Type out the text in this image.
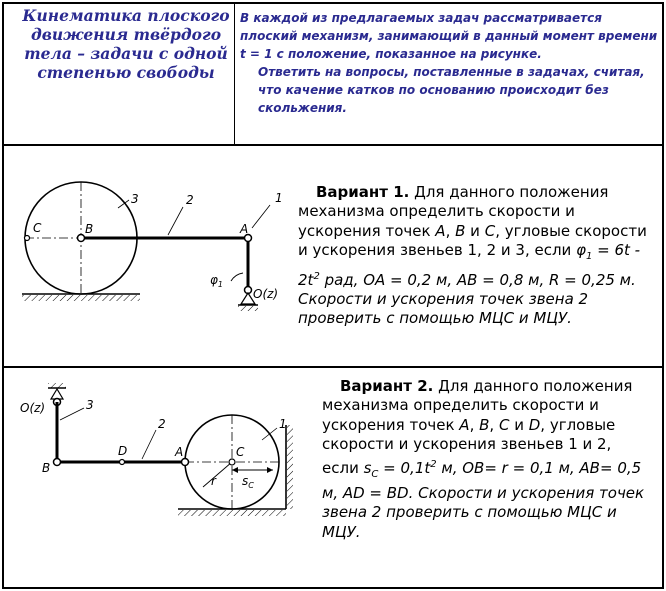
Кинематика плоского движения твёрдого тела – задачи с одной степенью свободы

В каждой из предлагаемых задач рассматривается плоский механизм, занимающий в данный момент времени t = 1 с положение, показанное на рисунке.

Ответить на вопросы, поставленные в задачах, считая, что качение катков по основанию происходит без скольжения.

C	B	A
1
2
3
$\varphi_1$
O(z)
O(z)	3
B
D
2
A	C
1
r $s_C$
Вариант 1. Для данного положения механизма определить скорости и ускорения точек A, B и C, угловые скорости и ускорения звеньев 1, 2 и 3, если $\varphi_1 = 6t - 2t^2$ рад, OA = 0,2 м, AB = 0,8 м, R = 0,25 м. Скорости и ускорения точек звена 2 проверить с помощью МЦС и МЦУ.
Вариант 2. Для данного положения механизма определить скорости и ускорения точек A, B, C и D, угловые скорости и ускорения звеньев 1 и 2, если $s_C = 0,1t^2$ м, OB= r = 0,1 м, AB= 0,5 м, AD = BD. Скорости и ускорения точек звена 2 проверить с помощью МЦС и МЦУ.
